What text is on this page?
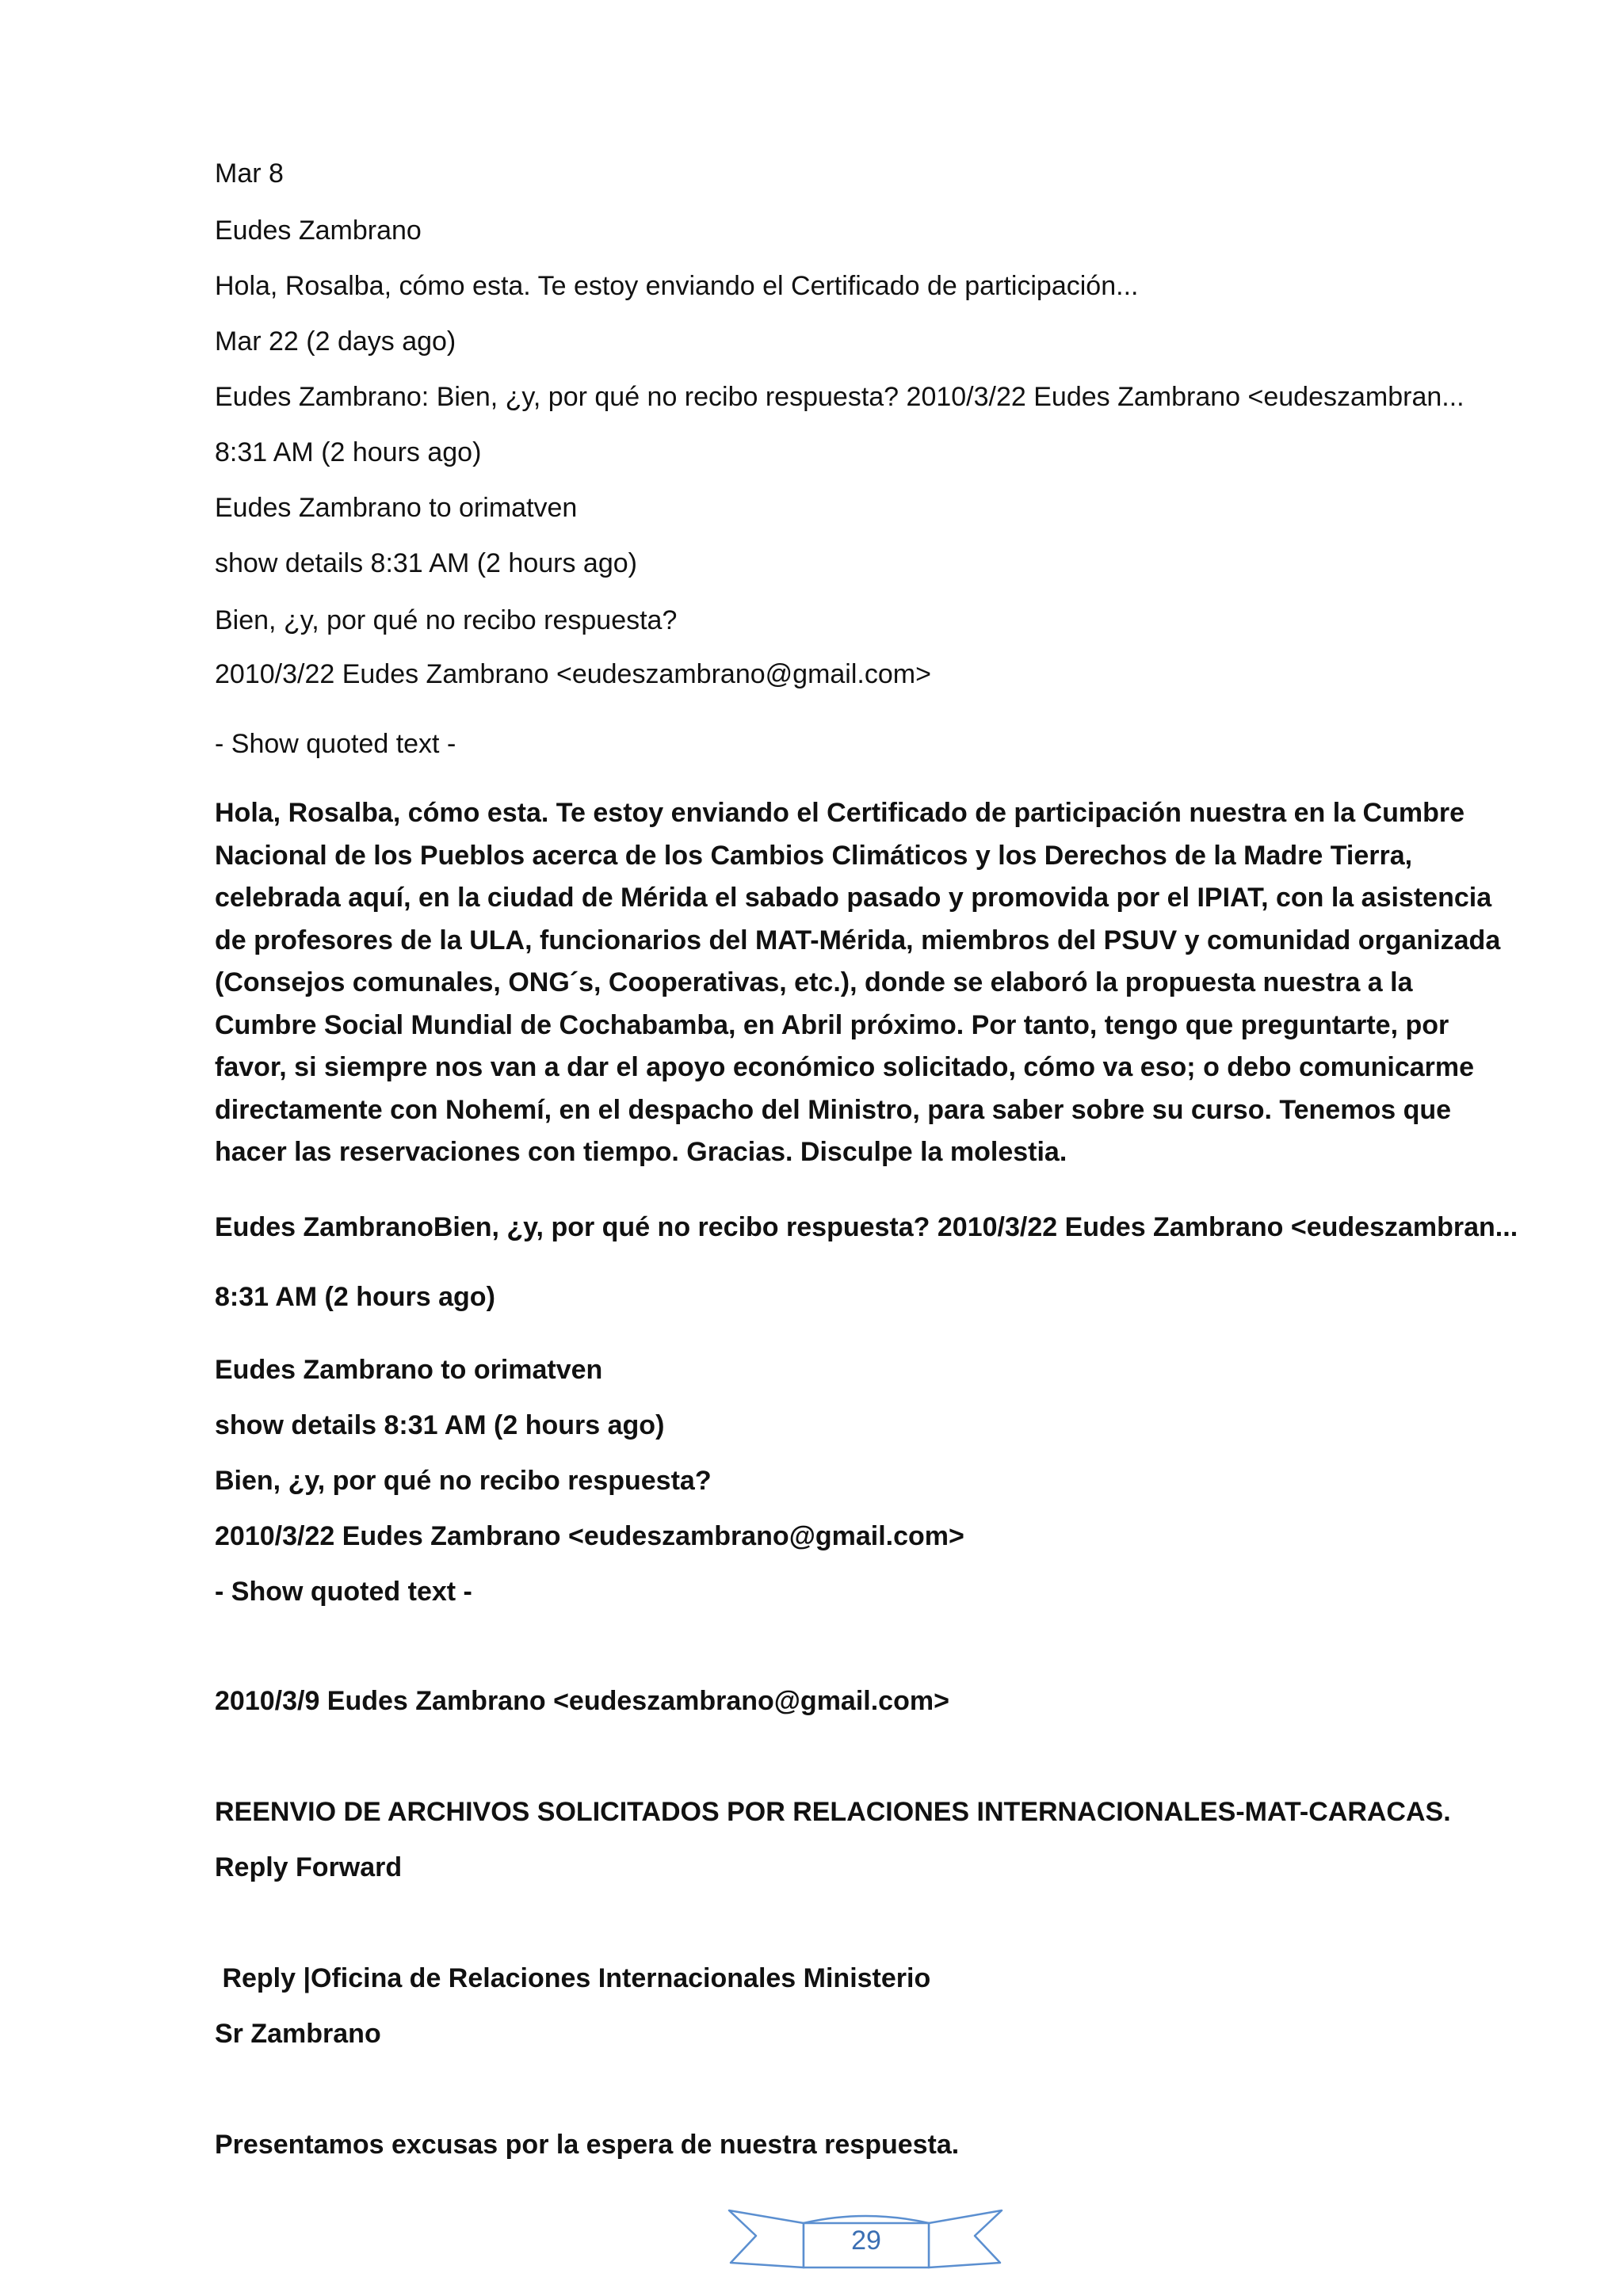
Mar 8

Eudes Zambrano

Hola, Rosalba, cómo esta. Te estoy enviando el Certificado de participación...

Mar 22 (2 days ago)

Eudes Zambrano: Bien, ¿y, por qué no recibo respuesta? 2010/3/22 Eudes Zambrano <eudeszambran...

8:31 AM (2 hours ago)

Eudes Zambrano to orimatven

show details 8:31 AM (2 hours ago)

Bien, ¿y, por qué no recibo respuesta?

2010/3/22 Eudes Zambrano <eudeszambrano@gmail.com>

- Show quoted text -

Hola, Rosalba, cómo esta. Te estoy enviando el Certificado de participación nuestra en la Cumbre Nacional de los Pueblos acerca de los Cambios Climáticos y los Derechos de la Madre Tierra, celebrada aquí, en la ciudad de Mérida el sabado pasado y promovida por el IPIAT, con la asistencia de profesores de la ULA, funcionarios del MAT-Mérida, miembros del PSUV y comunidad organizada (Consejos comunales, ONG´s, Cooperativas, etc.), donde se elaboró la propuesta nuestra a la Cumbre Social Mundial de Cochabamba, en Abril próximo. Por tanto, tengo que preguntarte, por favor, si siempre nos van a dar el apoyo económico solicitado, cómo va eso; o debo comunicarme directamente con Nohemí, en el despacho del Ministro, para saber sobre su curso. Tenemos que hacer las reservaciones con tiempo. Gracias. Disculpe la molestia.

Eudes ZambranoBien, ¿y, por qué no recibo respuesta? 2010/3/22 Eudes Zambrano <eudeszambran...

8:31 AM (2 hours ago)

Eudes Zambrano to orimatven

show details 8:31 AM (2 hours ago)

Bien, ¿y, por qué no recibo respuesta?

2010/3/22 Eudes Zambrano <eudeszambrano@gmail.com>

- Show quoted text -

2010/3/9 Eudes Zambrano <eudeszambrano@gmail.com>

REENVIO DE ARCHIVOS SOLICITADOS POR RELACIONES INTERNACIONALES-MAT-CARACAS.

Reply Forward

Reply |Oficina de Relaciones Internacionales Ministerio

Sr Zambrano

Presentamos excusas por la espera de nuestra respuesta.

29
